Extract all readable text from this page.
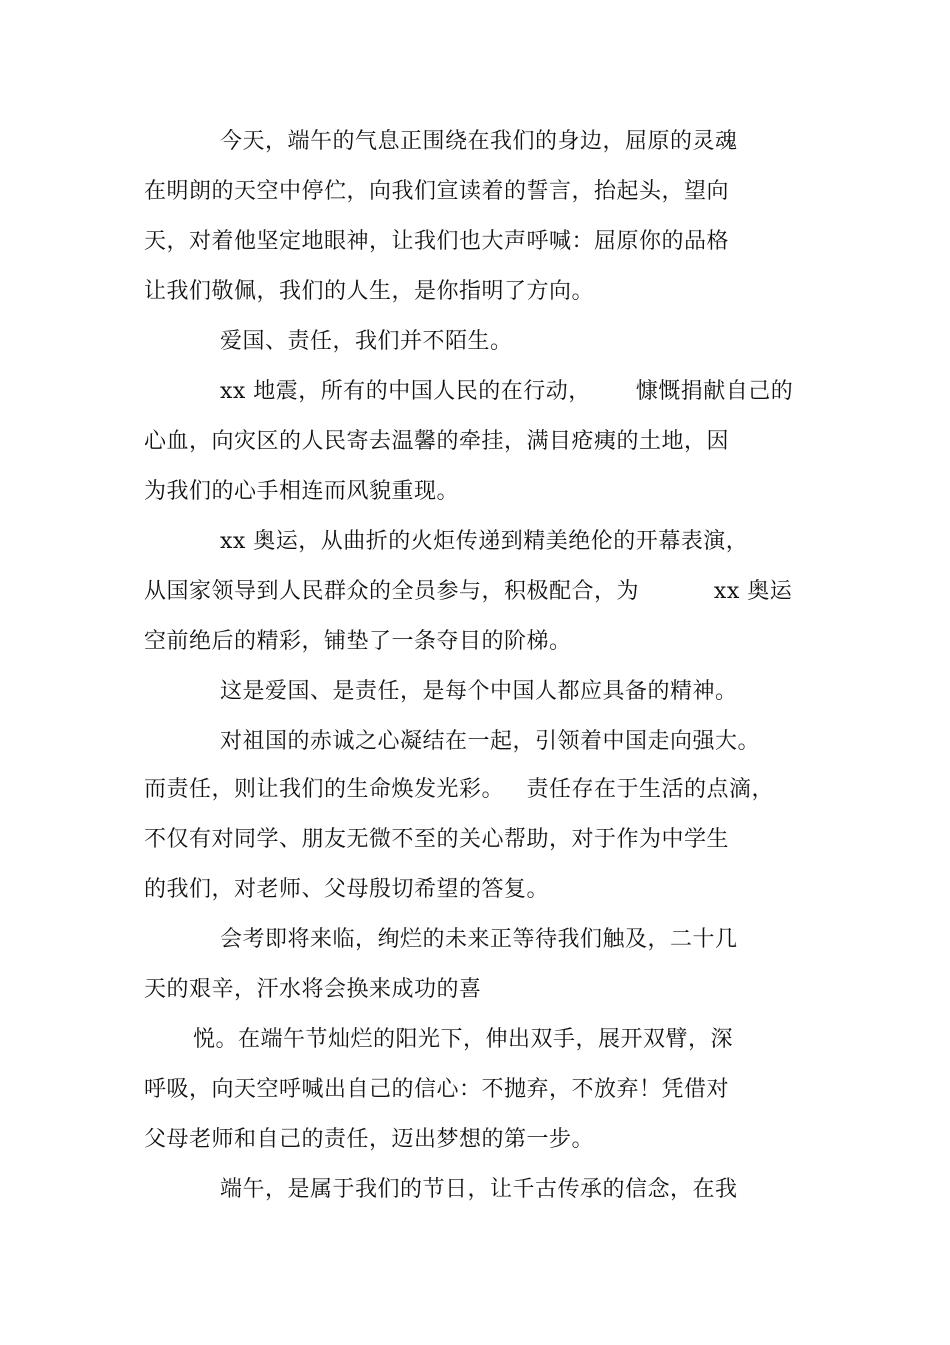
今天，端午的气息正围绕在我们的身边，屈原的灵魂
在明朗的天空中停伫，向我们宣读着的誓言，抬起头，望向
天，对着他坚定地眼神，让我们也大声呼喊：屈原你的品格
让我们敬佩，我们的人生，是你指明了方向。
爱国、责任，我们并不陌生。
xx 地震，所有的中国人民的在行动，      慷慨捐献自己的
心血，向灾区的人民寄去温馨的牵挂，满目疮痍的土地，因
为我们的心手相连而风貌重现。
xx 奥运，从曲折的火炬传递到精美绝伦的开幕表演，
从国家领导到人民群众的全员参与，积极配合，为          xx 奥运
空前绝后的精彩，铺垫了一条夺目的阶梯。
这是爱国、是责任，是每个中国人都应具备的精神。
对祖国的赤诚之心凝结在一起，引领着中国走向强大。
而责任，则让我们的生命焕发光彩。   责任存在于生活的点滴，
不仅有对同学、朋友无微不至的关心帮助，对于作为中学生
的我们，对老师、父母殷切希望的答复。
会考即将来临，绚烂的未来正等待我们触及，二十几
天的艰辛，汗水将会换来成功的喜
悦。在端午节灿烂的阳光下，伸出双手，展开双臂，深
呼吸，向天空呼喊出自己的信心：不抛弃，不放弃！凭借对
父母老师和自己的责任，迈出梦想的第一步。
端午，是属于我们的节日，让千古传承的信念，在我
